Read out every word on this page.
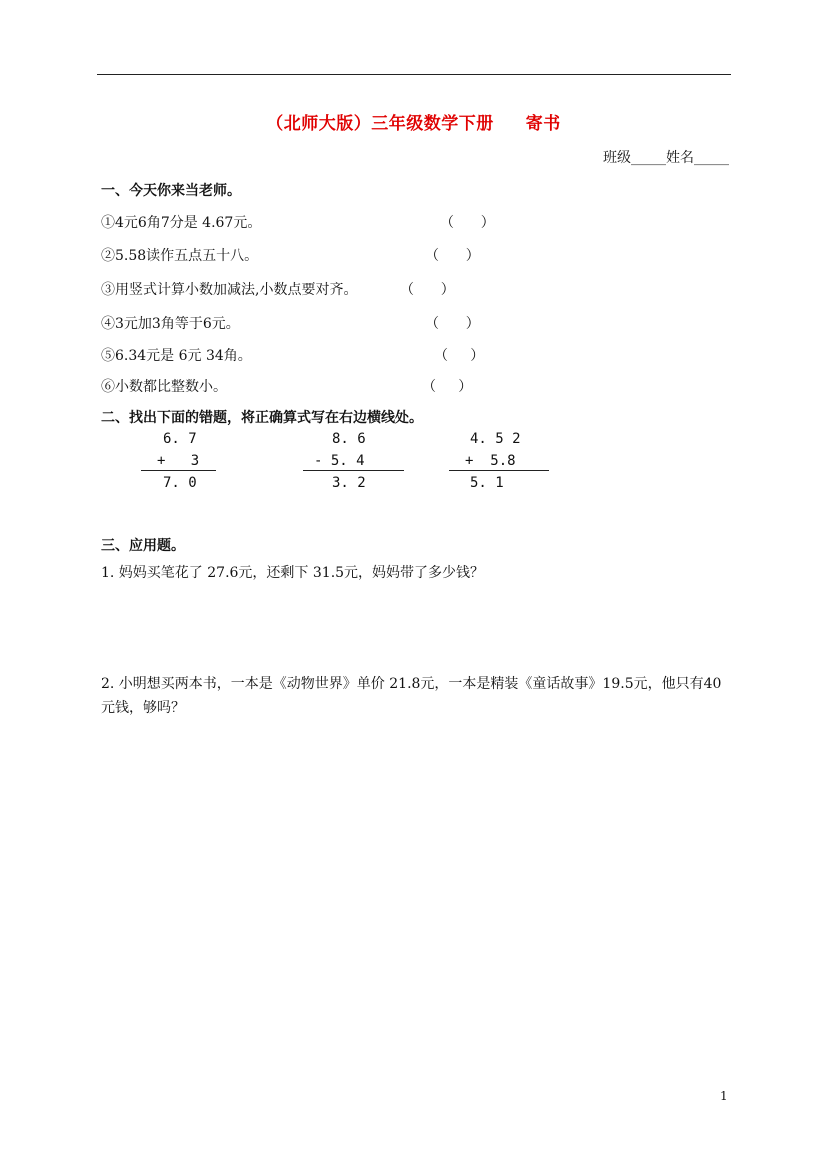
（北师大版）三年级数学下册 寄书
班级_____姓名_____
一、今天你来当老师。
①4元6角7分是 4.67元。	（      ）
②5.58读作五点五十八。	（      ）
③用竖式计算小数加减法,小数点要对齐。	（      ）
④3元加3角等于6元。	（      ）
⑤6.34元是 6元 34角。	（     ）
⑥小数都比整数小。	（     ）
二、找出下面的错题，将正确算式写在右边横线处。
6. 7
+   3
7. 0
8. 6
- 5. 4
3. 2
4. 5 2
+  5.8
5. 1
三、应用题。
1. 妈妈买笔花了 27.6元，还剩下 31.5元，妈妈带了多少钱？
2. 小明想买两本书，一本是《动物世界》单价 21.8元，一本是精装《童话故事》19.5元，他只有40元钱，够吗？
1
